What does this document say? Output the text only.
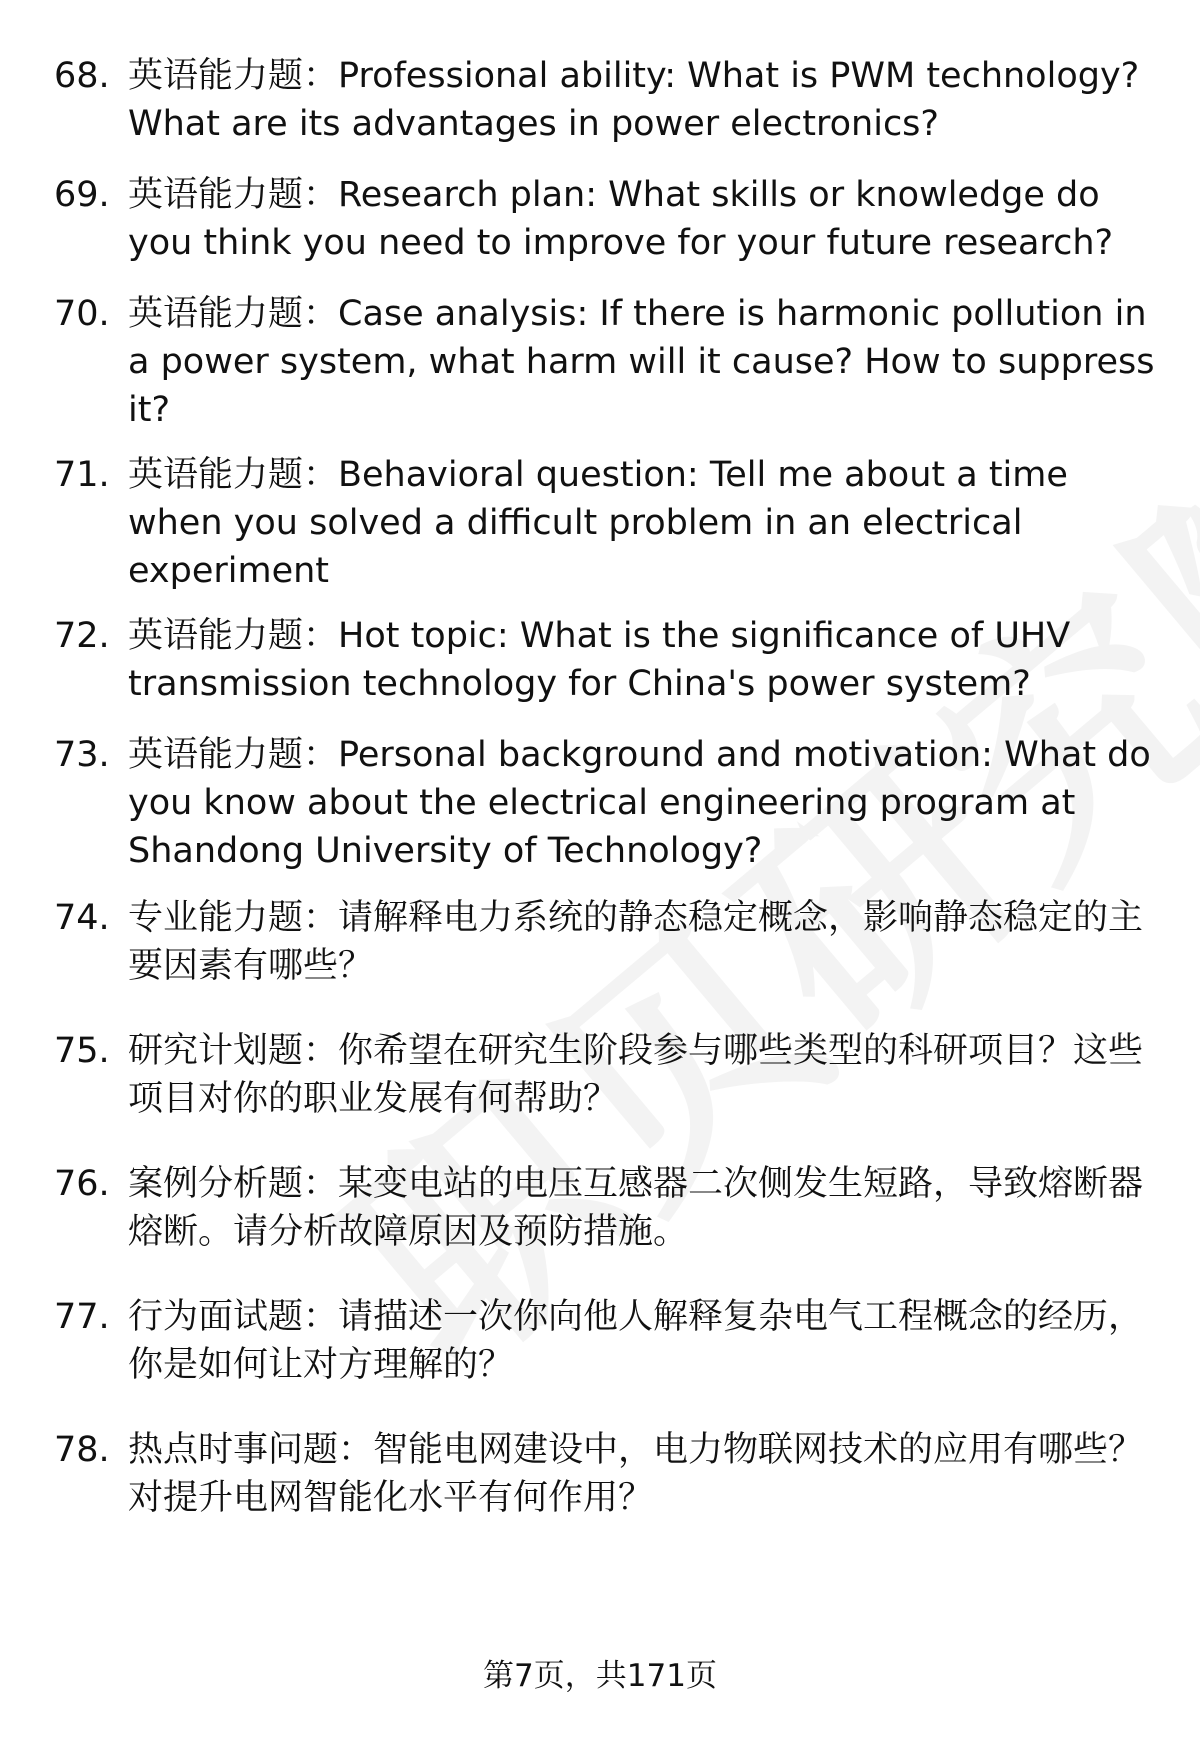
68. 英语能力题：Professional ability: What is PWM technology? What are its advantages in power electronics?
69. 英语能力题：Research plan: What skills or knowledge do you think you need to improve for your future research?
70. 英语能力题：Case analysis: If there is harmonic pollution in a power system, what harm will it cause? How to suppress it?
71. 英语能力题：Behavioral question: Tell me about a time when you solved a difficult problem in an electrical experiment
72. 英语能力题：Hot topic: What is the significance of UHV transmission technology for China's power system?
73. 英语能力题：Personal background and motivation: What do you know about the electrical engineering program at Shandong University of Technology?
74. 专业能力题：请解释电力系统的静态稳定概念，影响静态稳定的主要因素有哪些？
75. 研究计划题：你希望在研究生阶段参与哪些类型的科研项目？这些项目对你的职业发展有何帮助？
76. 案例分析题：某变电站的电压互感器二次侧发生短路，导致熔断器熔断。请分析故障原因及预防措施。
77. 行为面试题：请描述一次你向他人解释复杂电气工程概念的经历，你是如何让对方理解的？
78. 热点时事问题：智能电网建设中，电力物联网技术的应用有哪些？对提升电网智能化水平有何作用？
第7页，共171页
